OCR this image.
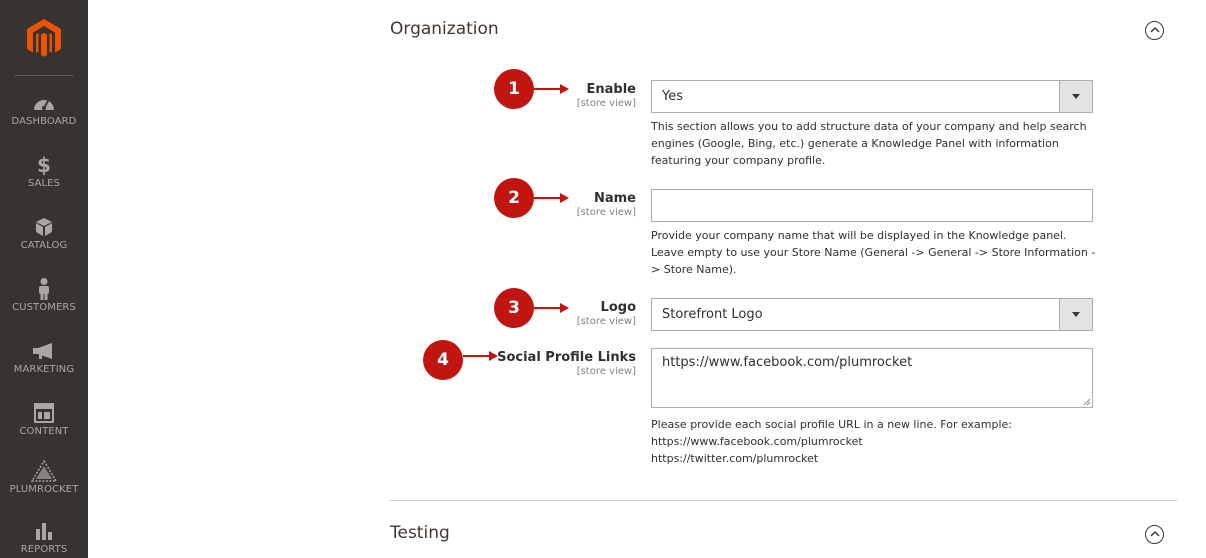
DASHBOARD
$
SALES
CATALOG
CUSTOMERS
MARKETING
CONTENT
PLUMROCKET
REPORTS
Organization
1	Enable
[store view] Yes
This section allows you to add structure data of your company and help search engines (Google, Bing, etc.) generate a Knowledge Panel with information featuring your company profile.
2	Name
[store view]
Provide your company name that will be displayed in the Knowledge panel. Leave empty to use your Store Name (General -> General -> Store Information -> Store Name).
3	Logo
[store view] Storefront Logo
4	Social Profile Links
[store view]
https://www.facebook.com/plumrocket
Please provide each social profile URL in a new line. For example:
https://www.facebook.com/plumrocket
https://twitter.com/plumrocket
Testing
